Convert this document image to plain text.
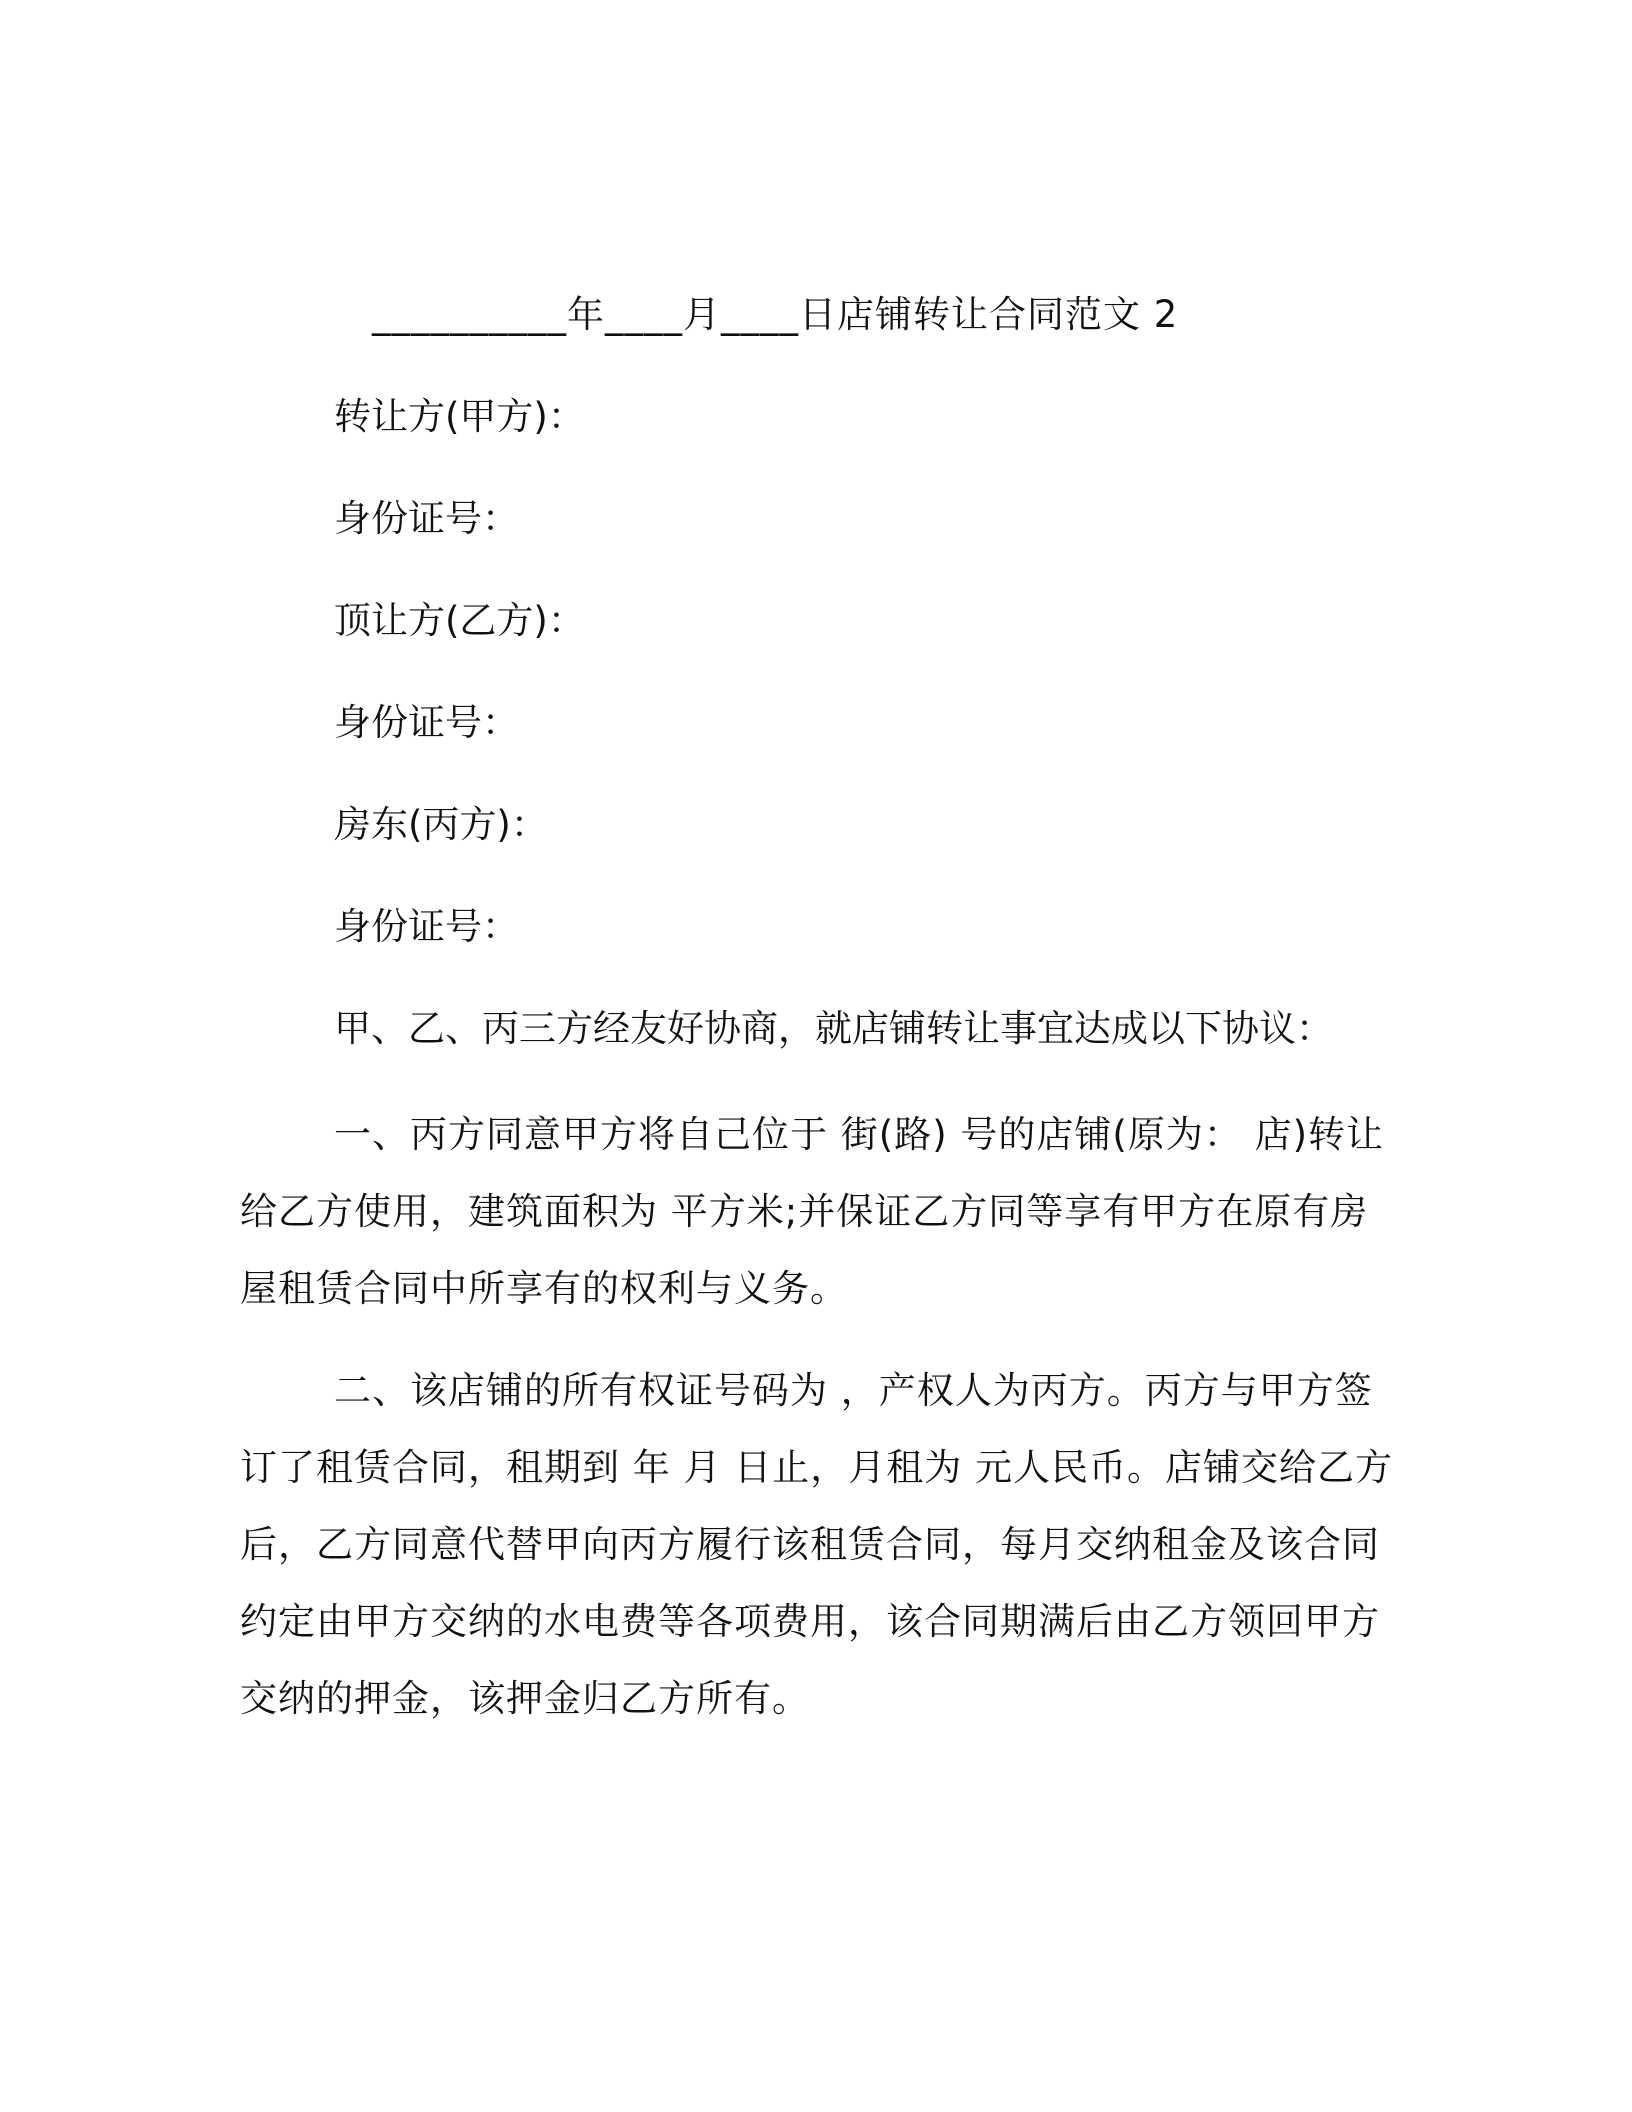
__________年____月____日店铺转让合同范文 2
转让方(甲方)：
身份证号：
顶让方(乙方)：
身份证号：
房东(丙方)：
身份证号：
甲、乙、丙三方经友好协商，就店铺转让事宜达成以下协议：
一、丙方同意甲方将自己位于 街(路) 号的店铺(原为： 店)转让给乙方使用，建筑面积为 平方米;并保证乙方同等享有甲方在原有房屋租赁合同中所享有的权利与义务。
二、该店铺的所有权证号码为 ，产权人为丙方。丙方与甲方签订了租赁合同，租期到 年 月 日止，月租为 元人民币。店铺交给乙方后，乙方同意代替甲向丙方履行该租赁合同，每月交纳租金及该合同约定由甲方交纳的水电费等各项费用，该合同期满后由乙方领回甲方交纳的押金，该押金归乙方所有。
